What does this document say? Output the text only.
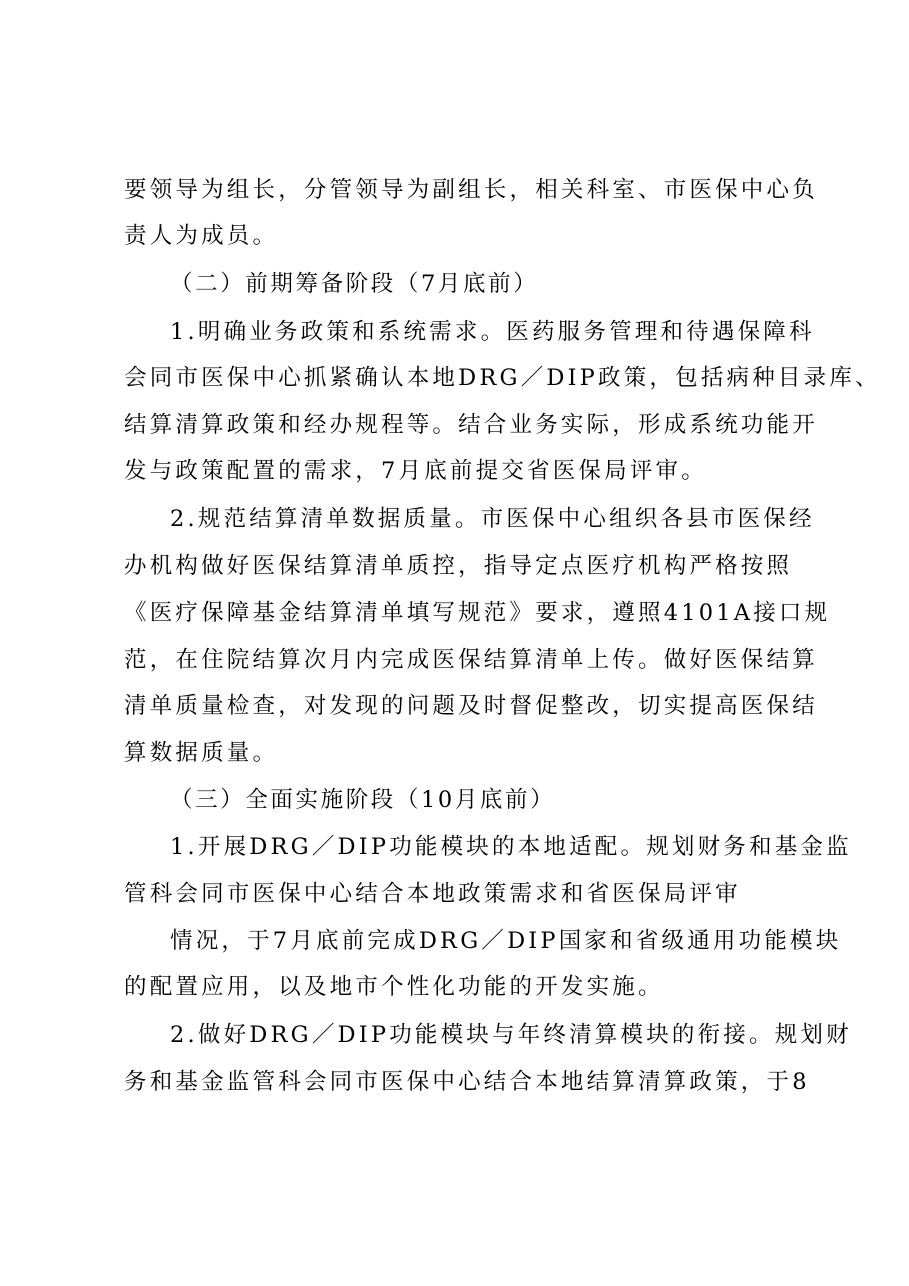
要领导为组长，分管领导为副组长，相关科室、市医保中心负
责人为成员。
（二）前期筹备阶段（7月底前）
1.明确业务政策和系统需求。医药服务管理和待遇保障科
会同市医保中心抓紧确认本地DRG／DIP政策，包括病种目录库、
结算清算政策和经办规程等。结合业务实际，形成系统功能开
发与政策配置的需求，7月底前提交省医保局评审。
2.规范结算清单数据质量。市医保中心组织各县市医保经
办机构做好医保结算清单质控，指导定点医疗机构严格按照
《医疗保障基金结算清单填写规范》要求，遵照4101A接口规
范，在住院结算次月内完成医保结算清单上传。做好医保结算
清单质量检查，对发现的问题及时督促整改，切实提高医保结
算数据质量。
（三）全面实施阶段（10月底前）
1.开展DRG／DIP功能模块的本地适配。规划财务和基金监
管科会同市医保中心结合本地政策需求和省医保局评审
情况，于7月底前完成DRG／DIP国家和省级通用功能模块
的配置应用，以及地市个性化功能的开发实施。
2.做好DRG／DIP功能模块与年终清算模块的衔接。规划财
务和基金监管科会同市医保中心结合本地结算清算政策，于8
